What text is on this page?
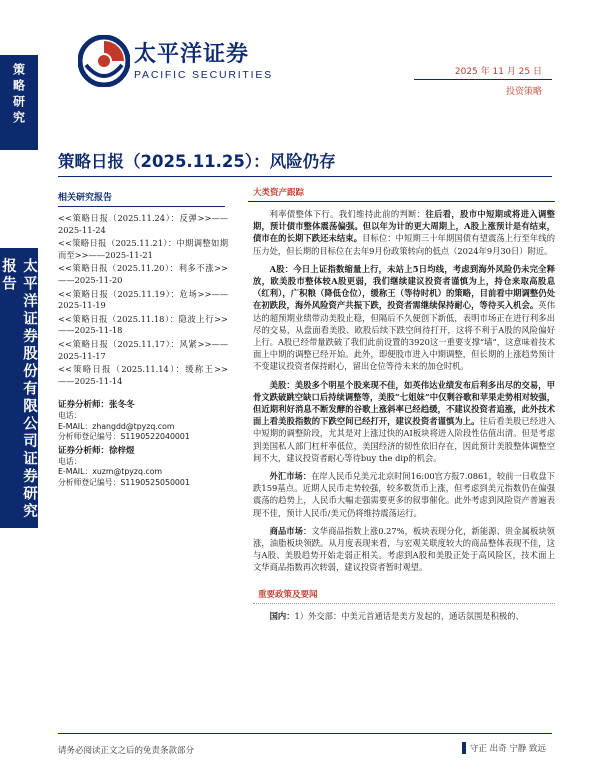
太平洋证券
PACIFIC SECURITIES	2025 年 11 月 25 日
投资策略
策略研究
太平洋证券股份有限公司证券研究报告
策略日报（2025.11.25）：风险仍存
相关研究报告
<<策略日报（2025.11.24）：反弹>>——2025-11-24
<<策略日报（2025.11.21）：中期调整如期而至>>——2025-11-21
<<策略日报（2025.11.20）：利多不涨>>——2025-11-20
<<策略日报（2025.11.19）：危场>>——2025-11-19
<<策略日报（2025.11.18）：隐波上行>>——2025-11-18
<<策略日报（2025.11.17）：风紧>>——2025-11-17
<<策略日报（2025.11.14）：缓称王>>——2025-11-14
证券分析师：张冬冬
电话：
E-MAIL：zhangdd@tpyzq.com
分析师登记编号：S1190522040001
证券分析师：徐梓煜
电话：
E-MAIL：xuzm@tpyzq.com
分析师登记编号：S1190525050001
大类资产跟踪

利率债整体下行。我们维持此前的判断：往后看，股市中短期或将进入调整期，预计债市整体震荡偏强。但以年为计的更大周期上，A股上涨预计是有结束，债市在的长期下跌还未结束。目标位：中短期三十年期国债有望震荡上行至年线的压力处，但长期的目标位在去年9月份政策转向的低点（2024年9月30日）附近。

A股：今日上证指数缩量上行，未站上5日均线，考虑到海外风险仍未完全释放，欧美股市整体较A股更弱，我们继续建议投资者谨慎为上，持仓来取高股息（红利），广积粮（降低仓位），缓称王（等待时机）的策略，目前看中期调整仍处在初跌段，海外风险资产共振下跌，投资者需继续保持耐心，等待买入机会。英伟达的超预期业绩带动美股止稳，但隔后不久便创下新低，表明市场正在进行利多出尽的交易，从盘面看美股、欧股后续下跌空间待打开，这将不利于A股的风险偏好上行。A股已经带量跌破了我们此前设置的3920这一重要支撑“墙”，这意味着技术面上中期的调整已经开始。此外，即便股市进入中期调整，但长期的上涨趋势预计不变建议投资者保持耐心，留出仓位等待未来的加仓时机。

美股：美股多个明星个股来现不佳，如英伟达业绩发布后利多出尽的交易，甲骨文跌破跳空缺口后持续调整等，美股“七姐妹”中仅剩谷歌和苹果走势相对较强，但近期利好消息不断发酵的谷歌上涨斜率已经趋缓，不建议投资者追涨，此外技术面上看美股指数的下跌空间已经打开，建议投资者谨慎为上。往后看美股已经进入中短期的调整阶段，尤其是对上涨过快的AI板块将进入阶段性估值出清。但是考虑到美国私人部门杠杆率低位，美国经济的韧性依旧存在，因此预计美股整体调整空间不大，建议投资者耐心等待buy the dip的机会。

外汇市场：在岸人民币兑美元北京时间16:00官方报7.0861，较前一日收盘下跌159基点。近期人民币走势较强，较多数货币上涨，但考虑到美元指数仍在偏强震荡的趋势上，人民币大幅走强需要更多的叙事催化。此外考虑到风险资产普遍表现不佳，预计人民币/美元仍将维持震荡运行。

商品市场：文华商品指数上涨0.27%，板块表现分化，新能源、贵金属板块领涨，油脂板块领跌。从月度表现来看，与宏观关联度较大的商品整体表现不佳，这与A股、美股趋势开始走弱正相关。考虑到A股和美股正处于高风险区，技术面上文华商品指数再次转弱，建议投资者暂时观望。

重要政策及要闻

国内：1）外交部：中美元首通话是美方发起的，通话氛围是积极的、

请务必阅读正文之后的免责条款部分	守正 出奇 宁静 致远
